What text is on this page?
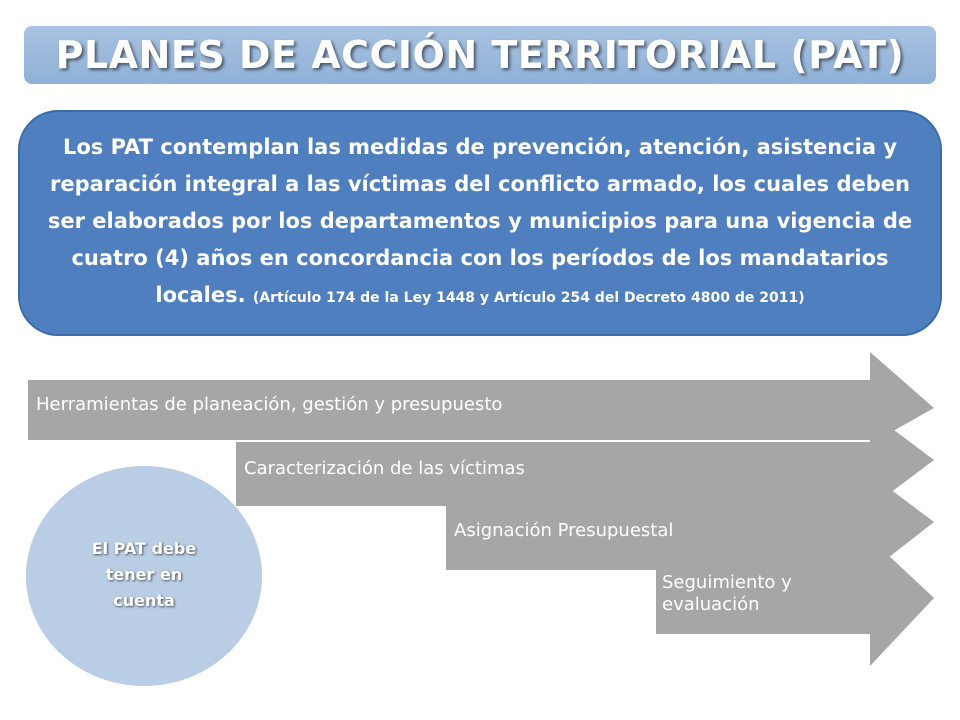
PLANES DE ACCIÓN TERRITORIAL (PAT)

Los PAT contemplan las medidas de prevención, atención, asistencia y reparación integral a las víctimas del conflicto armado, los cuales deben ser elaborados por los departamentos y municipios para una vigencia de cuatro (4) años en concordancia con los períodos de los mandatarios locales. (Artículo 174 de la Ley 1448 y Artículo 254 del Decreto 4800 de 2011)

Herramientas de planeación, gestión y presupuesto
Caracterización de las víctimas
Asignación Presupuestal
Seguimiento y evaluación
El PAT debe tener en cuenta
